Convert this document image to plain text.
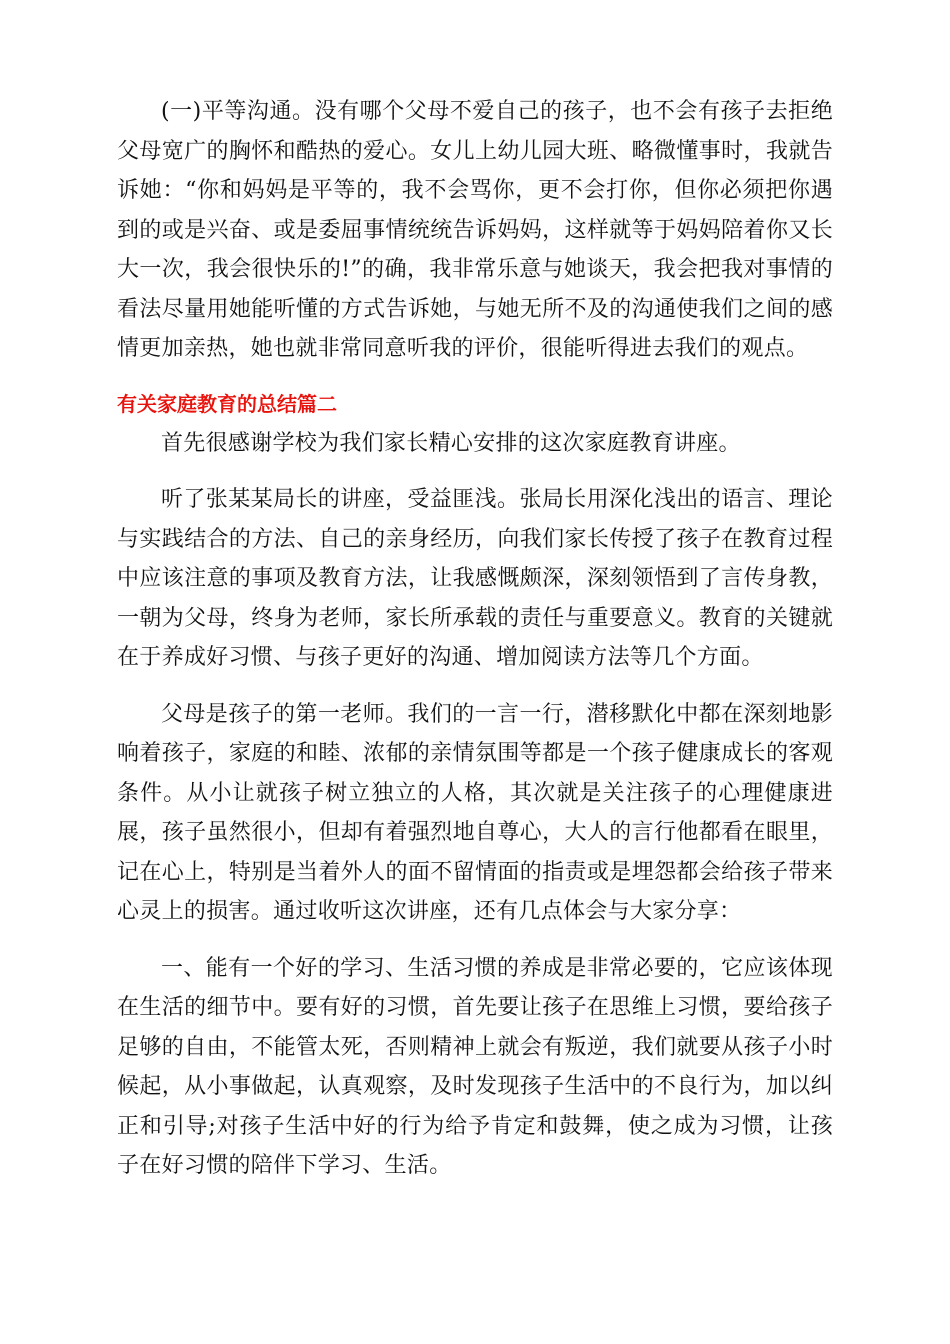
(一)平等沟通。没有哪个父母不爱自己的孩子，也不会有孩子去拒绝父母宽广的胸怀和酷热的爱心。女儿上幼儿园大班、略微懂事时，我就告诉她：“你和妈妈是平等的，我不会骂你，更不会打你，但你必须把你遇到的或是兴奋、或是委屈事情统统告诉妈妈，这样就等于妈妈陪着你又长大一次，我会很快乐的!”的确，我非常乐意与她谈天，我会把我对事情的看法尽量用她能听懂的方式告诉她，与她无所不及的沟通使我们之间的感情更加亲热，她也就非常同意听我的评价，很能听得进去我们的观点。

有关家庭教育的总结篇二

首先很感谢学校为我们家长精心安排的这次家庭教育讲座。

听了张某某局长的讲座，受益匪浅。张局长用深化浅出的语言、理论与实践结合的方法、自己的亲身经历，向我们家长传授了孩子在教育过程中应该注意的事项及教育方法，让我感慨颇深，深刻领悟到了言传身教，一朝为父母，终身为老师，家长所承载的责任与重要意义。教育的关键就在于养成好习惯、与孩子更好的沟通、增加阅读方法等几个方面。

父母是孩子的第一老师。我们的一言一行，潜移默化中都在深刻地影响着孩子，家庭的和睦、浓郁的亲情氛围等都是一个孩子健康成长的客观条件。从小让就孩子树立独立的人格，其次就是关注孩子的心理健康进展，孩子虽然很小，但却有着强烈地自尊心，大人的言行他都看在眼里，记在心上，特别是当着外人的面不留情面的指责或是埋怨都会给孩子带来心灵上的损害。通过收听这次讲座，还有几点体会与大家分享：

一、能有一个好的学习、生活习惯的养成是非常必要的，它应该体现在生活的细节中。要有好的习惯，首先要让孩子在思维上习惯，要给孩子足够的自由，不能管太死，否则精神上就会有叛逆，我们就要从孩子小时候起，从小事做起，认真观察，及时发现孩子生活中的不良行为，加以纠正和引导;对孩子生活中好的行为给予肯定和鼓舞，使之成为习惯，让孩子在好习惯的陪伴下学习、生活。
